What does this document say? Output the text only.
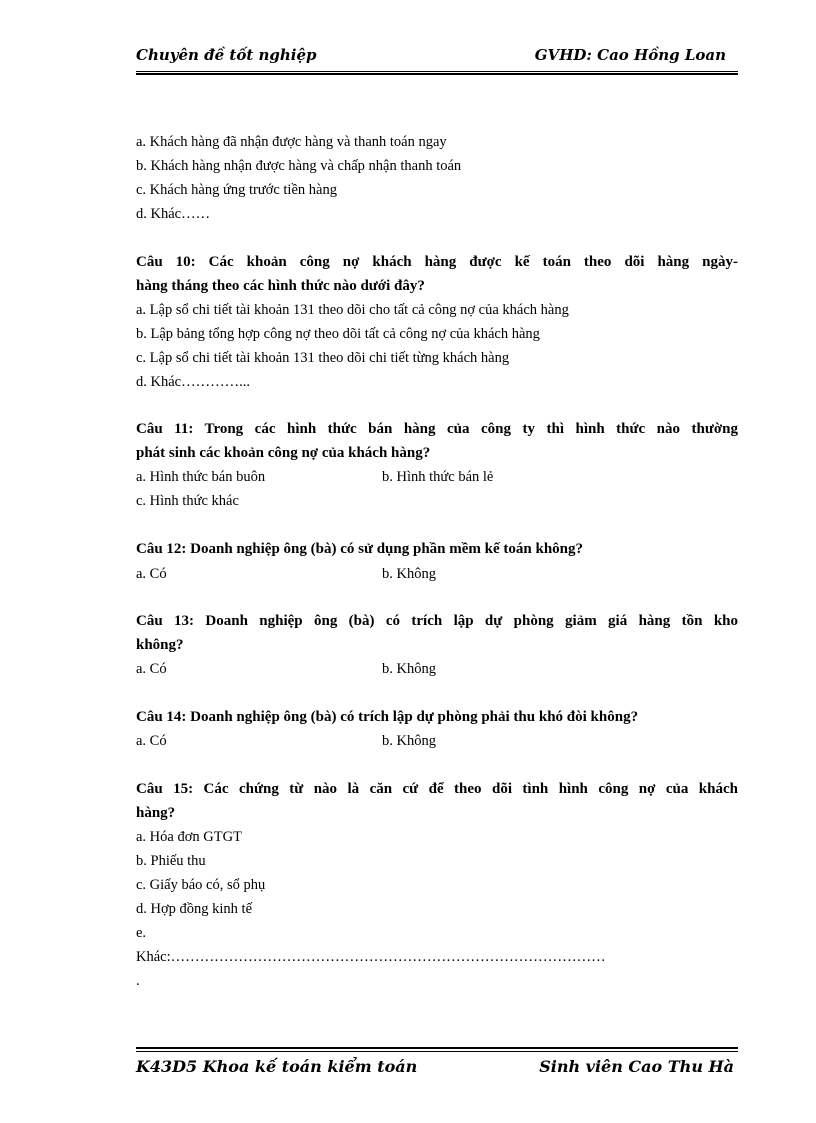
Chuyên đề tốt nghiệp	GVHD: Cao Hồng Loan
a. Khách hàng đã nhận được hàng và thanh toán ngay
b. Khách hàng nhận được hàng và chấp nhận thanh toán
c. Khách hàng ứng trước tiền hàng
d. Khác……
Câu 10: Các khoản công nợ khách hàng được kế toán theo dõi hàng ngày-
hàng tháng theo các hình thức nào dưới đây?
a. Lập sổ chi tiết tài khoản 131 theo dõi cho tất cả công nợ của khách hàng
b. Lập bảng tổng hợp công nợ theo dõi tất cả công nợ của khách hàng
c. Lập sổ chi tiết tài khoản 131 theo dõi chi tiết từng khách hàng
d. Khác…………...
Câu 11: Trong các hình thức bán hàng của công ty thì hình thức nào thường
phát sinh các khoản công nợ của khách hàng?
a. Hình thức bán buôn	b. Hình thức bán lẻ
c. Hình thức khác
Câu 12: Doanh nghiệp ông (bà) có sử dụng phần mềm kế toán không?
a. Có	b. Không
Câu 13: Doanh nghiệp ông (bà) có trích lập dự phòng giảm giá hàng tồn kho
không?
a. Có	b. Không
Câu 14: Doanh nghiệp ông (bà) có trích lập dự phòng phải thu khó đòi không?
a. Có	b. Không
Câu 15: Các chứng từ nào là căn cứ để theo dõi tình hình công nợ của khách
hàng?
a. Hóa đơn GTGT
b. Phiếu thu
c. Giấy báo có, sổ phụ
d. Hợp đồng kinh tế
e.
Khác:………………………………………………………………………………
.
K43D5 Khoa kế toán kiểm toán	Sinh viên Cao Thu Hà
